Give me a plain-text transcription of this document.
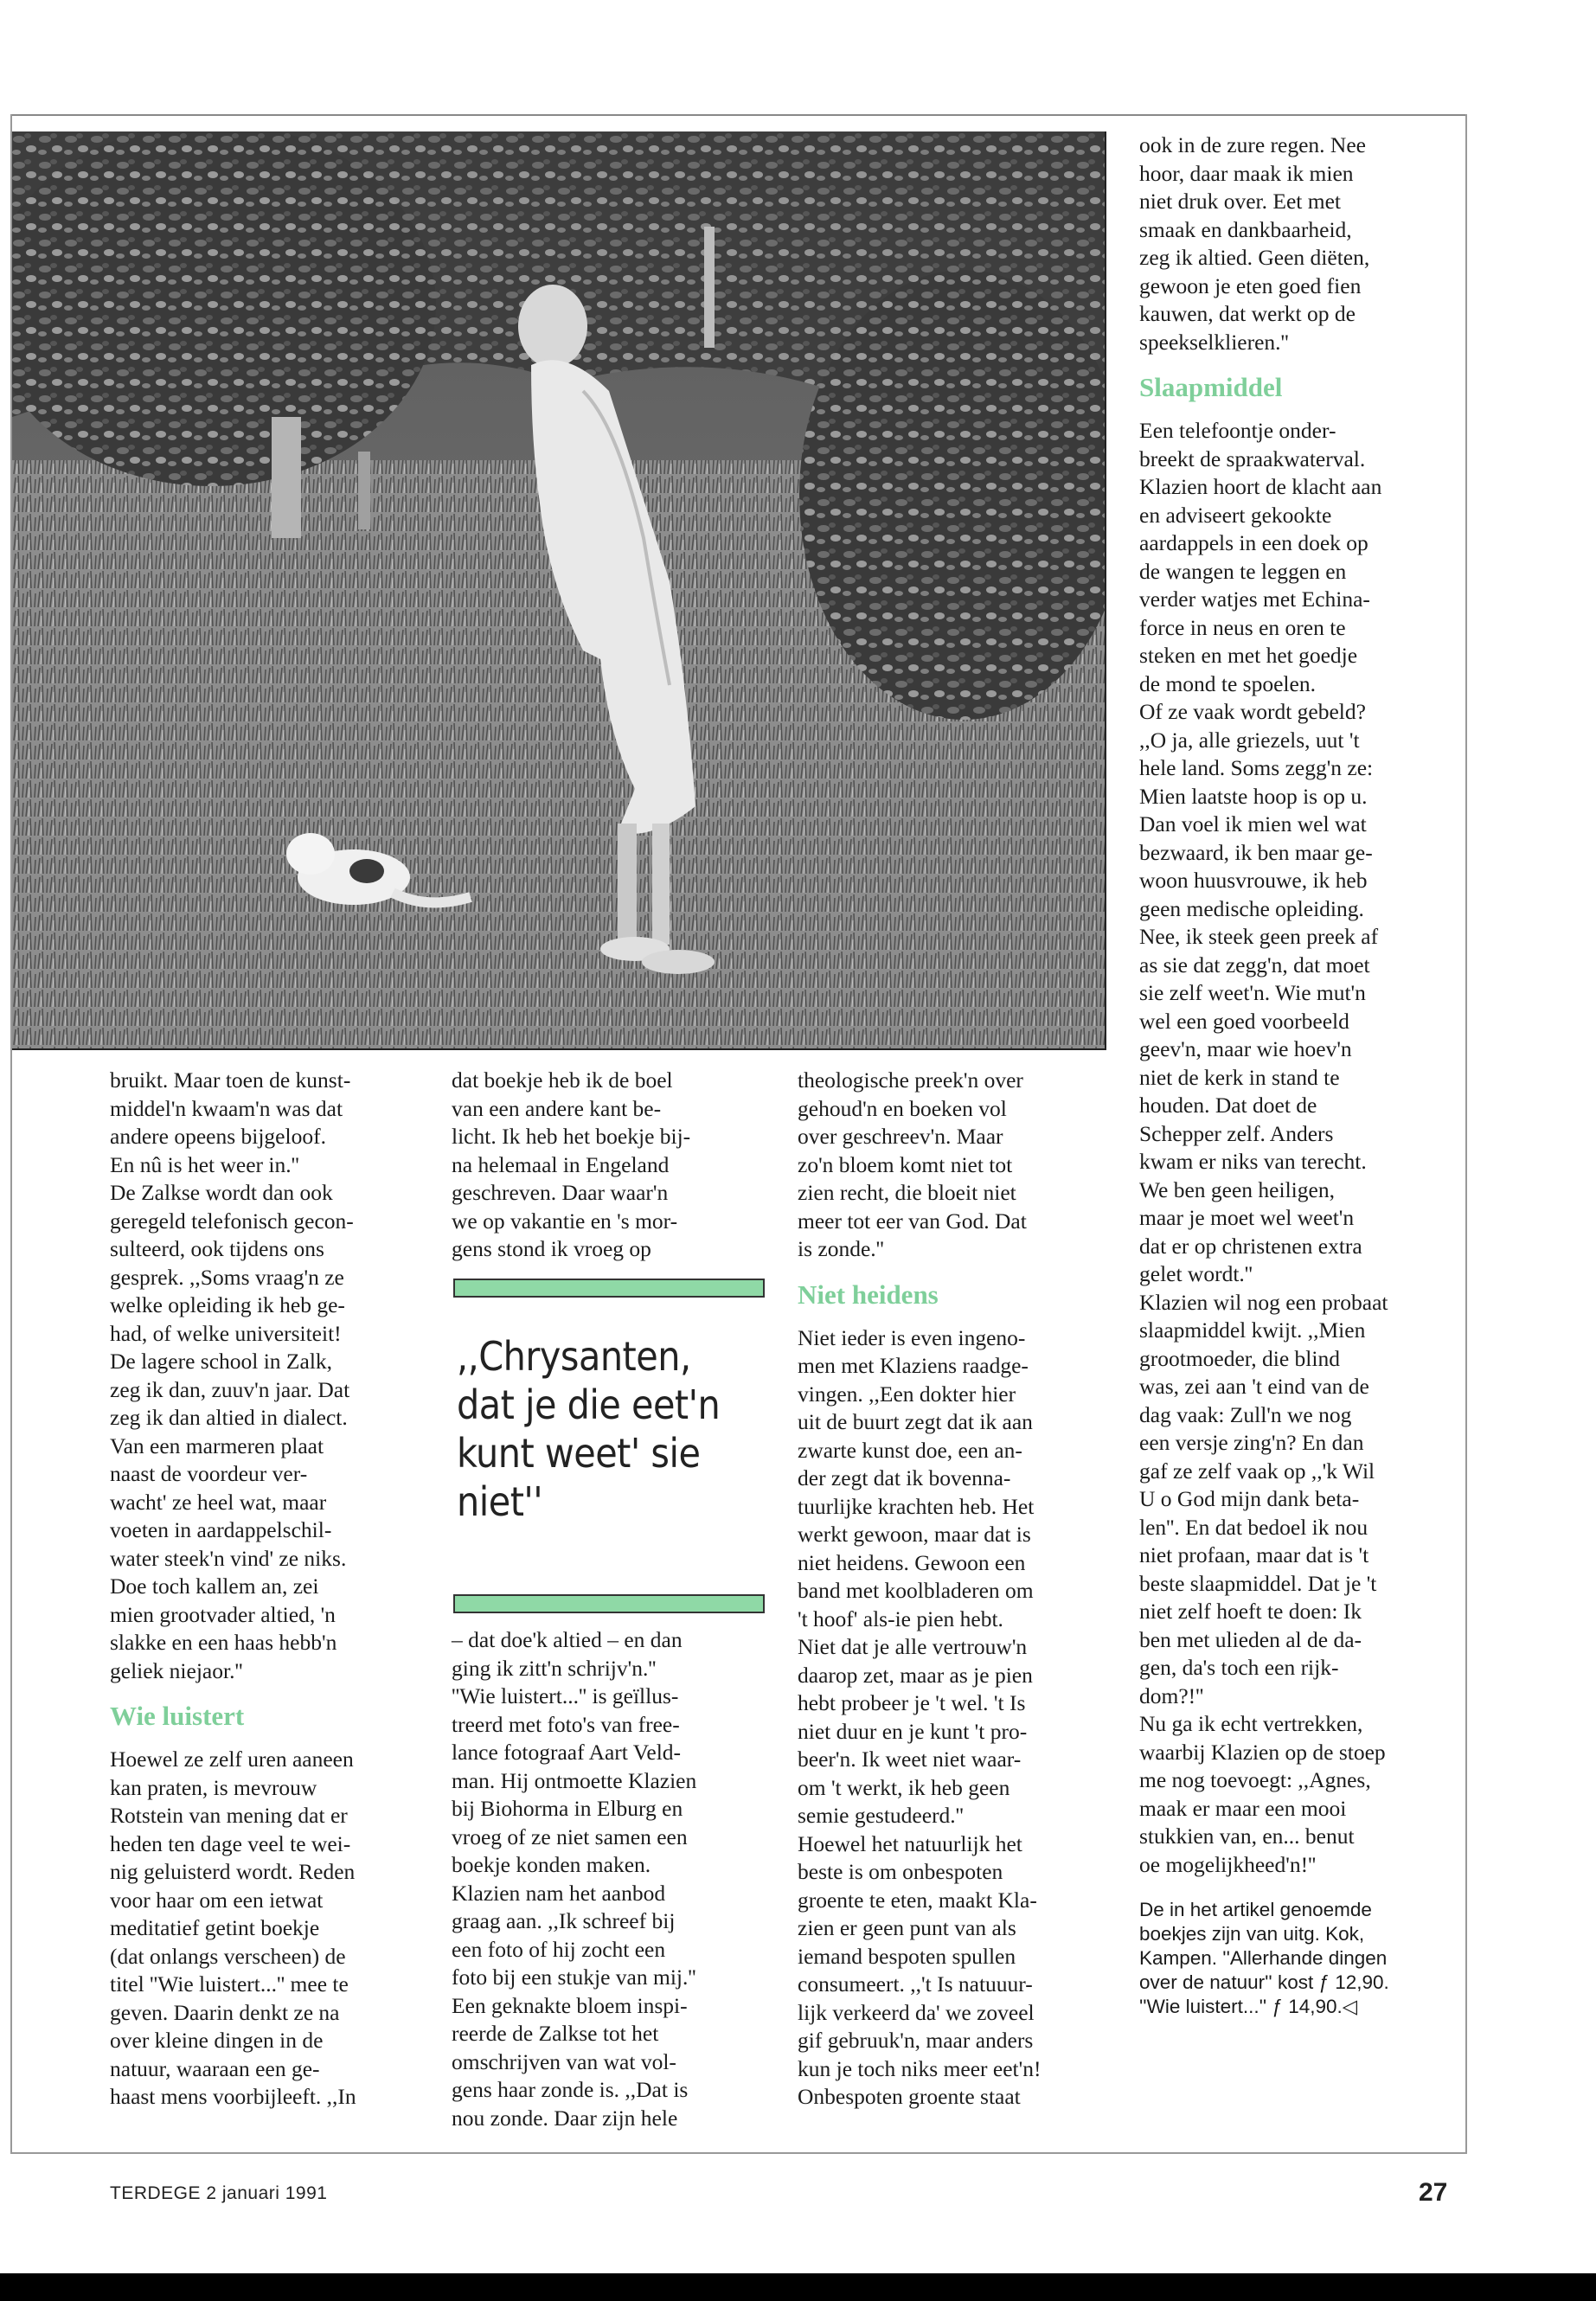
bruikt. Maar toen de kunst-
middel'n kwaam'n was dat
andere opeens bijgeloof.
En nû is het weer in.''
De Zalkse wordt dan ook
geregeld telefonisch gecon-
sulteerd, ook tijdens ons
gesprek. ,,Soms vraag'n ze
welke opleiding ik heb ge-
had, of welke universiteit!
De lagere school in Zalk,
zeg ik dan, zuuv'n jaar. Dat
zeg ik dan altied in dialect.
Van een marmeren plaat
naast de voordeur ver-
wacht' ze heel wat, maar
voeten in aardappelschil-
water steek'n vind' ze niks.
Doe toch kallem an, zei
mien grootvader altied, 'n
slakke en een haas hebb'n
geliek niejaor.''

Wie luistert

Hoewel ze zelf uren aaneen
kan praten, is mevrouw
Rotstein van mening dat er
heden ten dage veel te wei-
nig geluisterd wordt. Reden
voor haar om een ietwat
meditatief getint boekje
(dat onlangs verscheen) de
titel ''Wie luistert...'' mee te
geven. Daarin denkt ze na
over kleine dingen in de
natuur, waaraan een ge-
haast mens voorbijleeft. ,,In

dat boekje heb ik de boel
van een andere kant be-
licht. Ik heb het boekje bij-
na helemaal in Engeland
geschreven. Daar waar'n
we op vakantie en 's mor-
gens stond ik vroeg op

,,Chrysanten,
dat je die eet'n
kunt weet' sie
niet''

– dat doe'k altied – en dan
ging ik zitt'n schrijv'n.''
''Wie luistert...'' is geïllus-
treerd met foto's van free-
lance fotograaf Aart Veld-
man. Hij ontmoette Klazien
bij Biohorma in Elburg en
vroeg of ze niet samen een
boekje konden maken.
Klazien nam het aanbod
graag aan. ,,Ik schreef bij
een foto of hij zocht een
foto bij een stukje van mij.''
Een geknakte bloem inspi-
reerde de Zalkse tot het
omschrijven van wat vol-
gens haar zonde is. ,,Dat is
nou zonde. Daar zijn hele

theologische preek'n over
gehoud'n en boeken vol
over geschreev'n. Maar
zo'n bloem komt niet tot
zien recht, die bloeit niet
meer tot eer van God. Dat
is zonde.''

Niet heidens

Niet ieder is even ingeno-
men met Klaziens raadge-
vingen. ,,Een dokter hier
uit de buurt zegt dat ik aan
zwarte kunst doe, een an-
der zegt dat ik bovenna-
tuurlijke krachten heb. Het
werkt gewoon, maar dat is
niet heidens. Gewoon een
band met koolbladeren om
't hoof' als-ie pien hebt.
Niet dat je alle vertrouw'n
daarop zet, maar as je pien
hebt probeer je 't wel. 't Is
niet duur en je kunt 't pro-
beer'n. Ik weet niet waar-
om 't werkt, ik heb geen
semie gestudeerd.''
Hoewel het natuurlijk het
beste is om onbespoten
groente te eten, maakt Kla-
zien er geen punt van als
iemand bespoten spullen
consumeert. ,,'t Is natuuur-
lijk verkeerd da' we zoveel
gif gebruuk'n, maar anders
kun je toch niks meer eet'n!
Onbespoten groente staat

ook in de zure regen. Nee
hoor, daar maak ik mien
niet druk over. Eet met
smaak en dankbaarheid,
zeg ik altied. Geen diëten,
gewoon je eten goed fien
kauwen, dat werkt op de
speekselklieren.''

Slaapmiddel

Een telefoontje onder-
breekt de spraakwaterval.
Klazien hoort de klacht aan
en adviseert gekookte
aardappels in een doek op
de wangen te leggen en
verder watjes met Echina-
force in neus en oren te
steken en met het goedje
de mond te spoelen.
Of ze vaak wordt gebeld?
,,O ja, alle griezels, uut 't
hele land. Soms zegg'n ze:
Mien laatste hoop is op u.
Dan voel ik mien wel wat
bezwaard, ik ben maar ge-
woon huusvrouwe, ik heb
geen medische opleiding.
Nee, ik steek geen preek af
as sie dat zegg'n, dat moet
sie zelf weet'n. Wie mut'n
wel een goed voorbeeld
geev'n, maar wie hoev'n
niet de kerk in stand te
houden. Dat doet de
Schepper zelf. Anders
kwam er niks van terecht.
We ben geen heiligen,
maar je moet wel weet'n
dat er op christenen extra
gelet wordt.''
Klazien wil nog een probaat
slaapmiddel kwijt. ,,Mien
grootmoeder, die blind
was, zei aan 't eind van de
dag vaak: Zull'n we nog
een versje zing'n? En dan
gaf ze zelf vaak op ,,'k Wil
U o God mijn dank beta-
len''. En dat bedoel ik nou
niet profaan, maar dat is 't
beste slaapmiddel. Dat je 't
niet zelf hoeft te doen: Ik
ben met ulieden al de da-
gen, da's toch een rijk-
dom?!''
Nu ga ik echt vertrekken,
waarbij Klazien op de stoep
me nog toevoegt: ,,Agnes,
maak er maar een mooi
stukkien van, en... benut
oe mogelijkheed'n!''

De in het artikel genoemde
boekjes zijn van uitg. Kok,
Kampen. ''Allerhande dingen
over de natuur'' kost ƒ 12,90.
''Wie luistert...'' ƒ 14,90.◁
TERDEGE 2 januari 1991	27
